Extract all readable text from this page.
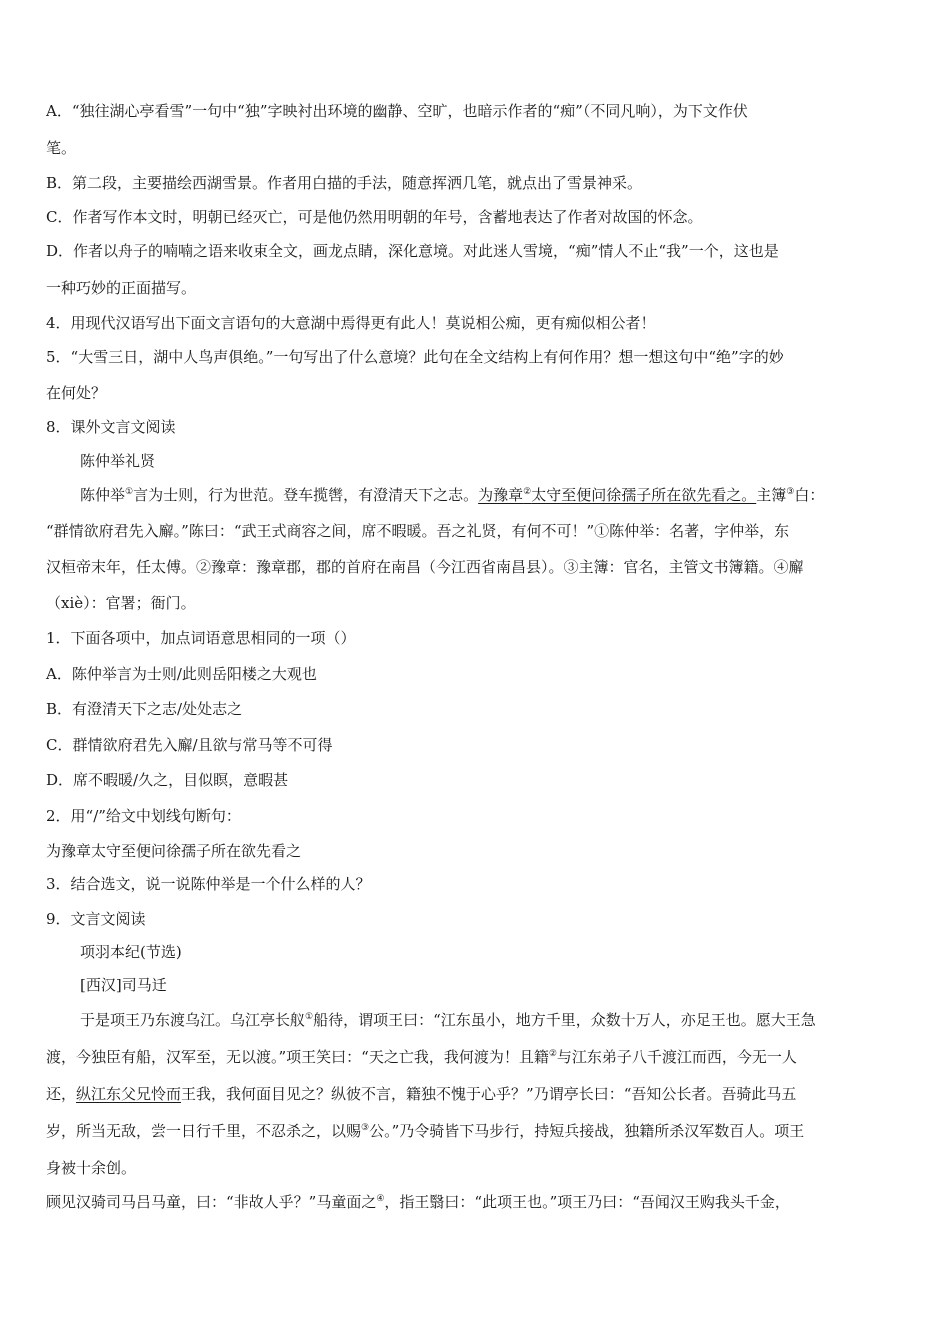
A．“独往湖心亭看雪”一句中“独”字映衬出环境的幽静、空旷，也暗示作者的“痴”（不同凡响），为下文作伏
笔。
B．第二段，主要描绘西湖雪景。作者用白描的手法，随意挥洒几笔，就点出了雪景神采。
C．作者写作本文时，明朝已经灭亡，可是他仍然用明朝的年号，含蓄地表达了作者对故国的怀念。
D．作者以舟子的喃喃之语来收束全文，画龙点睛，深化意境。对此迷人雪境，“痴”情人不止“我”一个，这也是
一种巧妙的正面描写。
4．用现代汉语写出下面文言语句的大意湖中焉得更有此人！莫说相公痴，更有痴似相公者！
5．“大雪三日，湖中人鸟声俱绝。”一句写出了什么意境？此句在全文结构上有何作用？想一想这句中“绝”字的妙
在何处？
8．课外文言文阅读
陈仲举礼贤
陈仲举①言为士则，行为世范。登车揽辔，有澄清天下之志。为豫章②太守至便问徐孺子所在欲先看之。主簿③白：
“群情欲府君先入廨。”陈曰：“武王式商容之间，席不暇暖。吾之礼贤，有何不可！”①陈仲举：名著，字仲举，东
汉桓帝末年，任太傅。②豫章：豫章郡，郡的首府在南昌（今江西省南昌县）。③主簿：官名，主管文书簿籍。④廨
（xiè）：官署；衙门。
1．下面各项中，加点词语意思相同的一项（）
A．陈仲举言为士则/此则岳阳楼之大观也
B．有澄清天下之志/处处志之
C．群情欲府君先入廨/且欲与常马等不可得
D．席不暇暖/久之，目似瞑，意暇甚
2．用“/”给文中划线句断句：
为豫章太守至便问徐孺子所在欲先看之
3．结合选文，说一说陈仲举是一个什么样的人？
9．文言文阅读
项羽本纪(节选)
[西汉]司马迁
于是项王乃东渡乌江。乌江亭长舣①船待，谓项王曰：“江东虽小，地方千里，众数十万人，亦足王也。愿大王急
渡，今独臣有船，汉军至，无以渡。”项王笑曰：“天之亡我，我何渡为！且籍②与江东弟子八千渡江而西，今无一人
还，纵江东父兄怜而王我，我何面目见之？纵彼不言，籍独不愧于心乎？”乃谓亭长曰：“吾知公长者。吾骑此马五
岁，所当无敌，尝一日行千里，不忍杀之，以赐③公。”乃令骑皆下马步行，持短兵接战，独籍所杀汉军数百人。项王
身被十余创。
顾见汉骑司马吕马童，曰：“非故人乎？”马童面之④，指王翳曰：“此项王也。”项王乃曰：“吾闻汉王购我头千金，
